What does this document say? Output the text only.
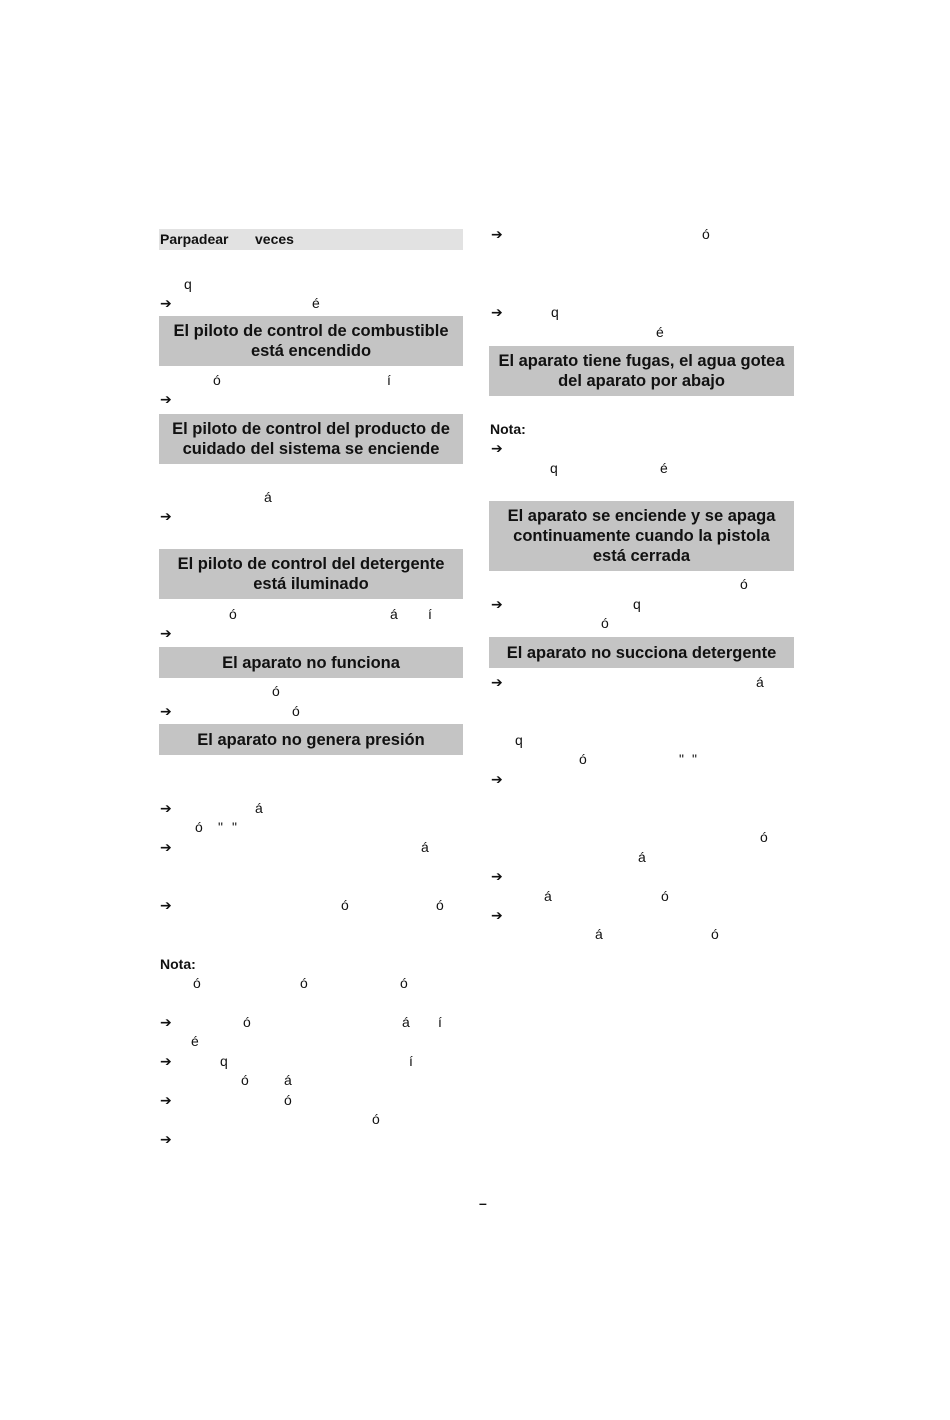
Parpadear veces
q
➔	é
El piloto de control de combustible
está encendido
ó	í
➔
El piloto de control del producto de
cuidado del sistema se enciende
á
➔
El piloto de control del detergente
está iluminado
ó	á í
➔
El aparato no funciona
ó
➔	ó
El aparato no genera presión
➔	á
ó " "
➔	á
➔	ó	ó
Nota:
ó	ó	ó
➔	ó	á í
é
➔	q	í
ó	á
➔	ó
ó
➔
➔	ó
➔	q
é
El aparato tiene fugas, el agua gotea
del aparato por abajo
Nota:
➔
q	é
El aparato se enciende y se apaga
continuamente cuando la pistola
está cerrada
ó
➔	q
ó
El aparato no succiona detergente
➔	á
q
ó	" "
➔
ó
á
➔
á	ó
➔
á	ó
–
